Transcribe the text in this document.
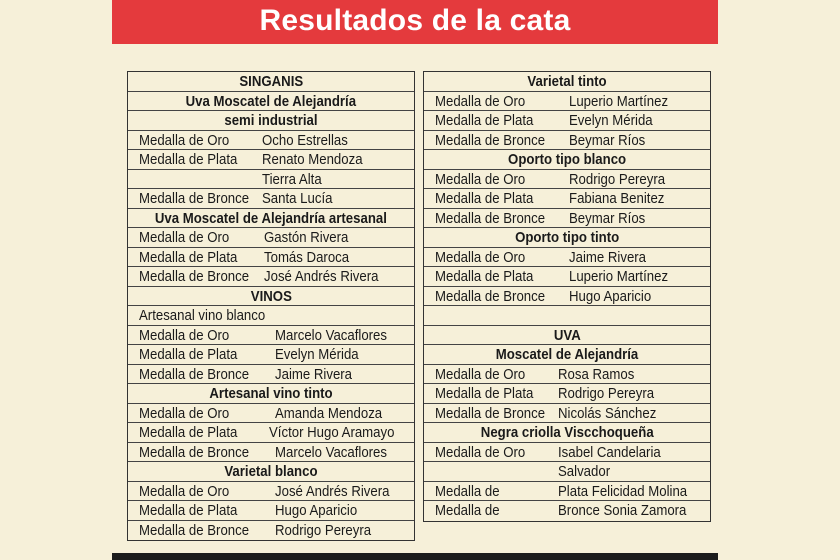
Resultados de la cata
SINGANIS
Uva Moscatel de Alejandría
semi industrial
Medalla de Oro Ocho Estrellas
Medalla de Plata Renato Mendoza
Tierra Alta
Medalla de Bronce Santa Lucía
Uva Moscatel de Alejandría artesanal
Medalla de Oro Gastón Rivera
Medalla de Plata Tomás Daroca
Medalla de Bronce José Andrés Rivera
VINOS
Artesanal vino blanco
Medalla de Oro	Marcelo Vacaflores
Medalla de Plata	Evelyn Mérida
Medalla de Bronce Jaime Rivera
Artesanal vino tinto
Medalla de Oro	Amanda Mendoza
Medalla de Plata Víctor Hugo Aramayo
Medalla de Bronce Marcelo Vacaflores
Varietal blanco
Medalla de Oro	José Andrés Rivera
Medalla de Plata	Hugo Aparicio
Medalla de Bronce Rodrigo Pereyra
Varietal tinto
Medalla de Oro	Luperio Martínez
Medalla de Plata Evelyn Mérida
Medalla de Bronce Beymar Ríos
Oporto tipo blanco
Medalla de Oro	Rodrigo Pereyra
Medalla de Plata Fabiana Benitez
Medalla de Bronce Beymar Ríos
Oporto tipo tinto
Medalla de Oro	Jaime Rivera
Medalla de Plata Luperio Martínez
Medalla de Bronce Hugo Aparicio
UVA
Moscatel de Alejandría
Medalla de Oro Rosa Ramos
Medalla de Plata Rodrigo Pereyra
Medalla de Bronce Nicolás Sánchez
Negra criolla Viscchoqueña
Medalla de Oro Isabel Candelaria
Salvador
Medalla de	Plata Felicidad Molina
Medalla de	Bronce Sonia Zamora
